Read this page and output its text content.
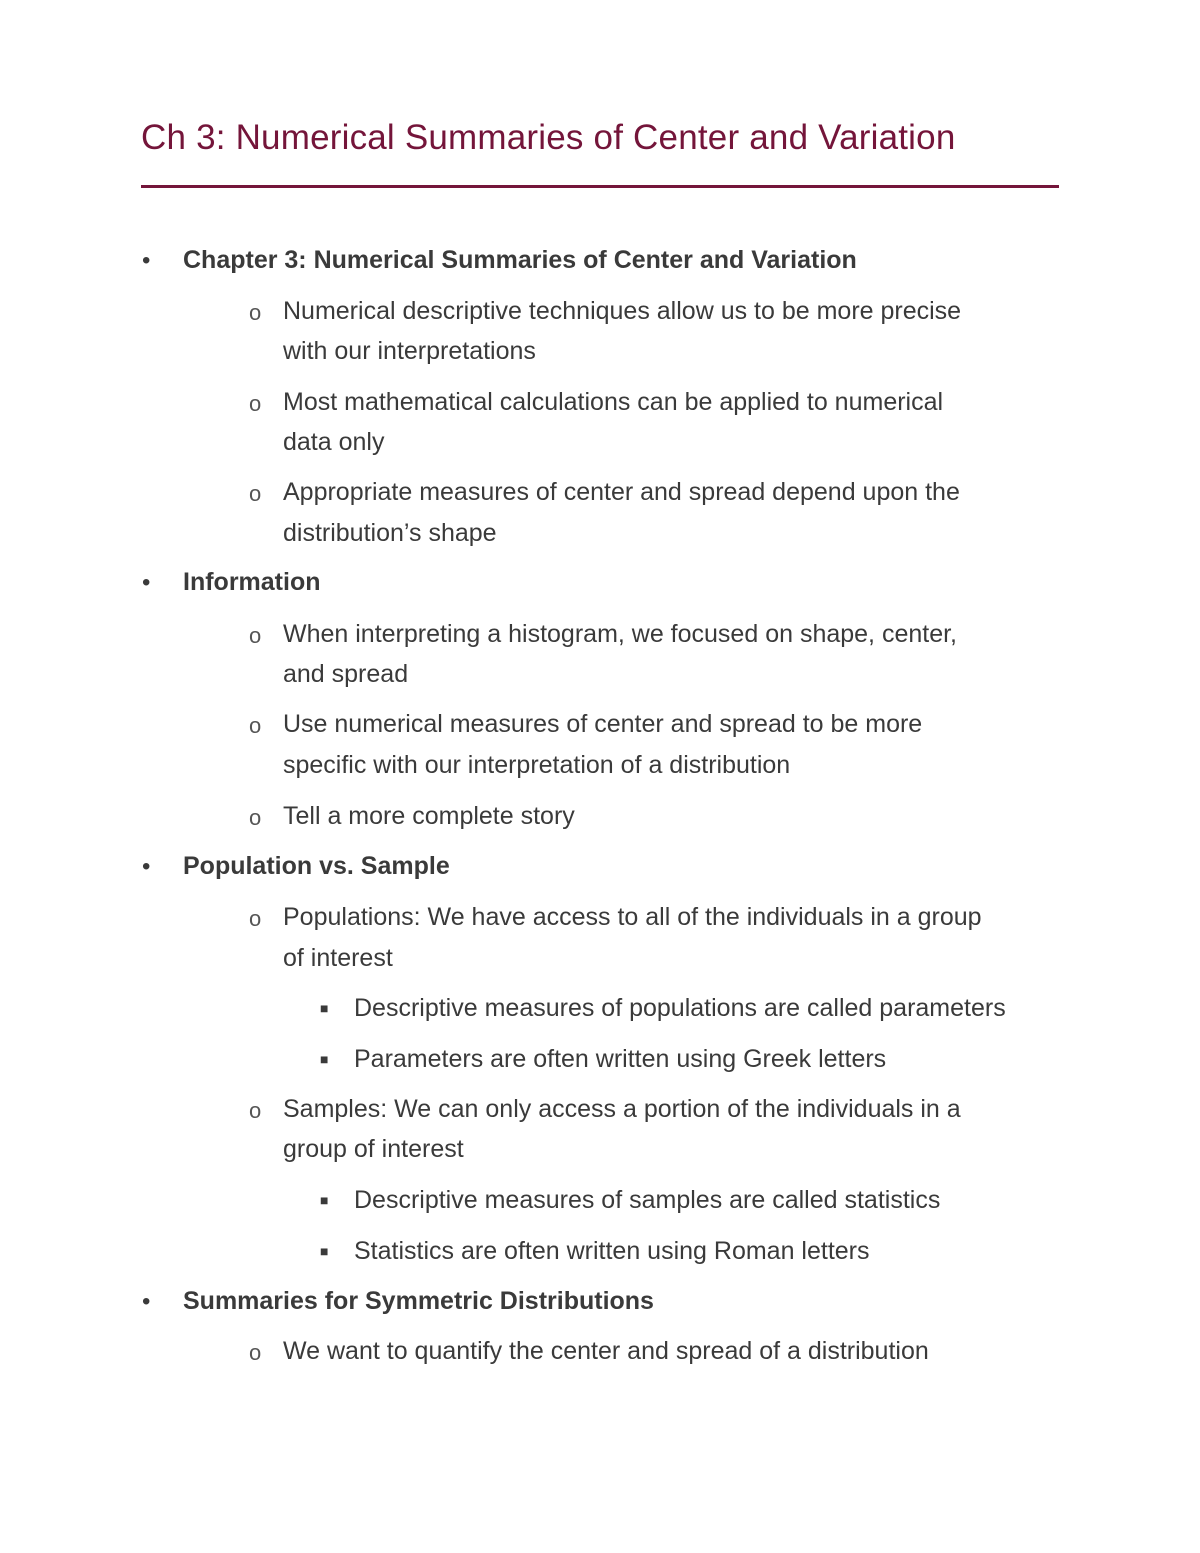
Ch 3: Numerical Summaries of Center and Variation
• Chapter 3: Numerical Summaries of Center and Variation
o Numerical descriptive techniques allow us to be more precise
with our interpretations
o Most mathematical calculations can be applied to numerical
data only
o Appropriate measures of center and spread depend upon the
distribution’s shape
• Information
o When interpreting a histogram, we focused on shape, center,
and spread
o Use numerical measures of center and spread to be more
specific with our interpretation of a distribution
o Tell a more complete story
• Population vs. Sample
o Populations: We have access to all of the individuals in a group
of interest
■ Descriptive measures of populations are called parameters
■ Parameters are often written using Greek letters
o Samples: We can only access a portion of the individuals in a
group of interest
■ Descriptive measures of samples are called statistics
■ Statistics are often written using Roman letters
• Summaries for Symmetric Distributions
o We want to quantify the center and spread of a distribution
